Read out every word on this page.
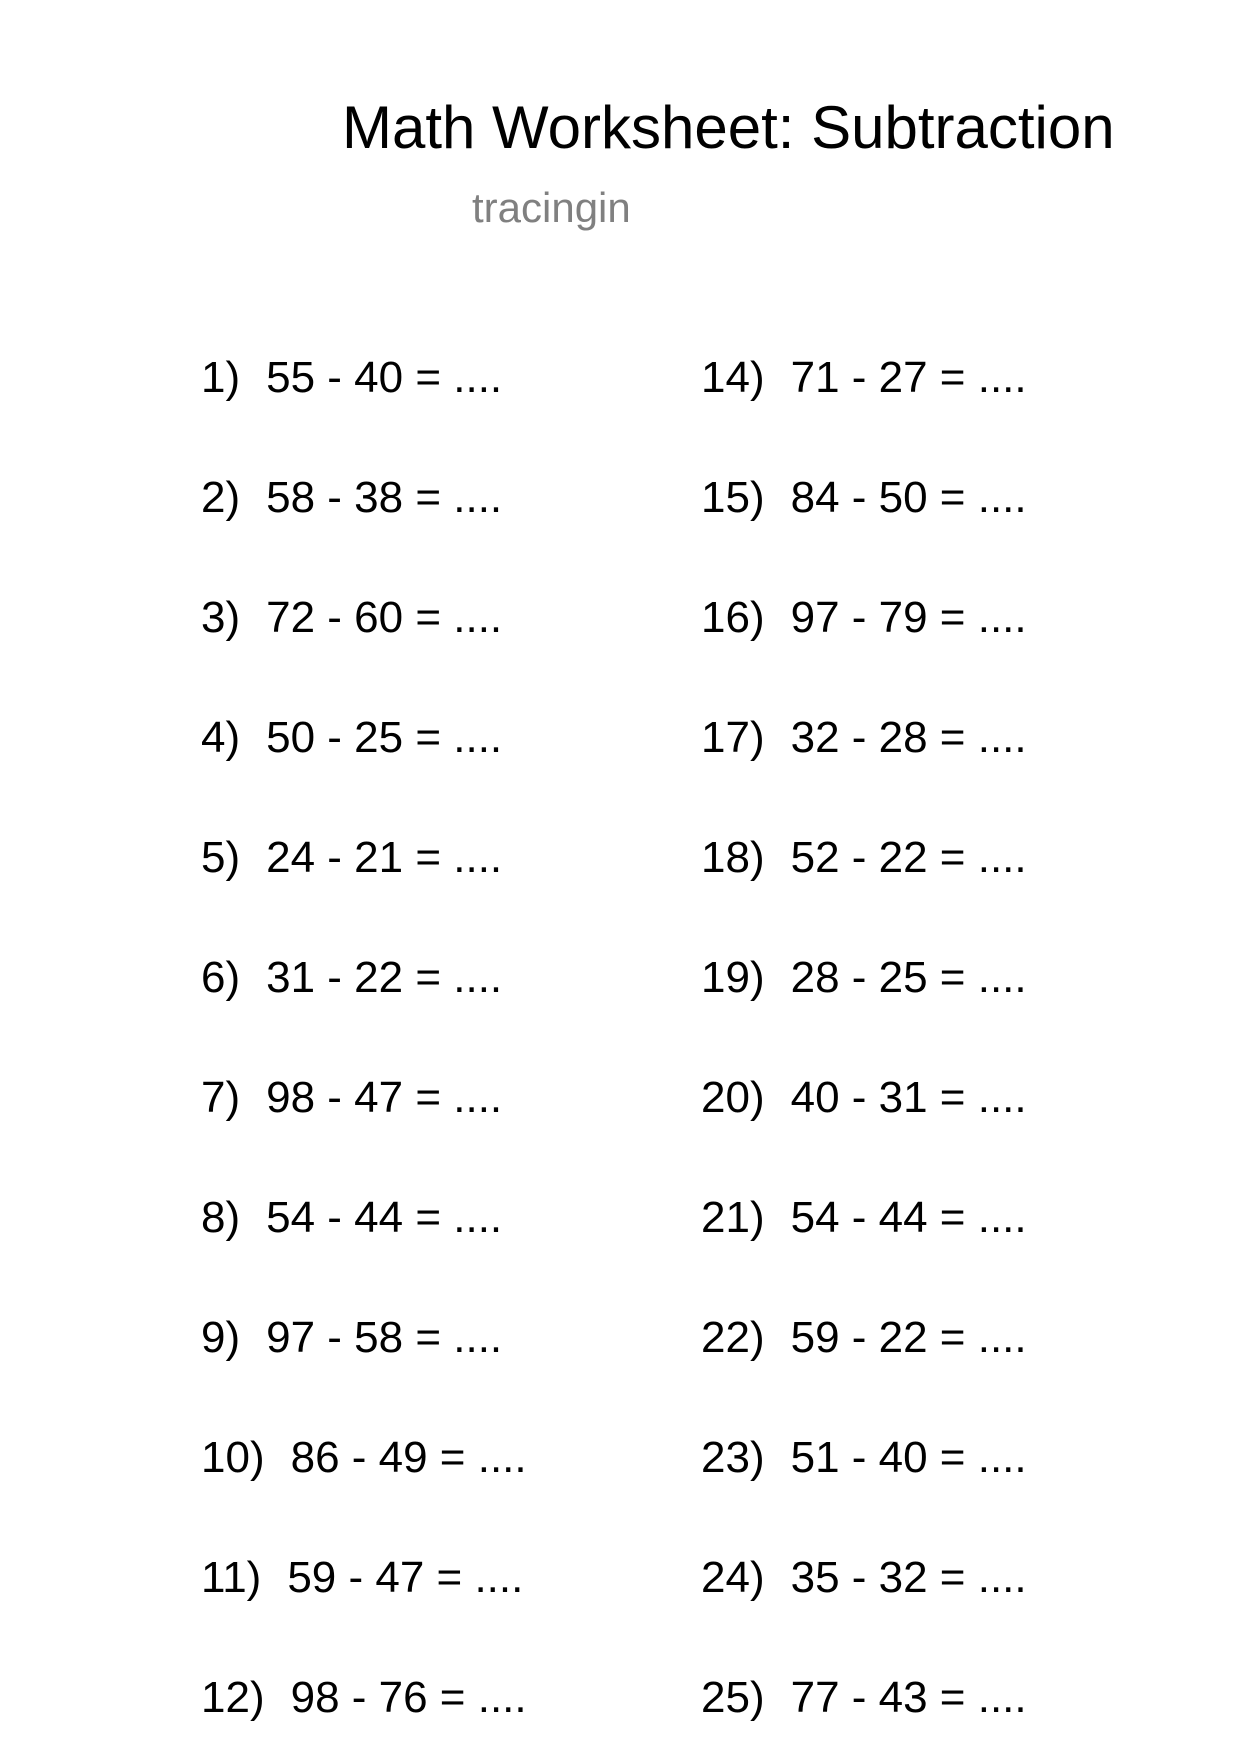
Math Worksheet: Subtraction
tracingin
1) 55 - 40 = ....
2) 58 - 38 = ....
3) 72 - 60 = ....
4) 50 - 25 = ....
5) 24 - 21 = ....
6) 31 - 22 = ....
7) 98 - 47 = ....
8) 54 - 44 = ....
9) 97 - 58 = ....
10) 86 - 49 = ....
11) 59 - 47 = ....
12) 98 - 76 = ....
14) 71 - 27 = ....
15) 84 - 50 = ....
16) 97 - 79 = ....
17) 32 - 28 = ....
18) 52 - 22 = ....
19) 28 - 25 = ....
20) 40 - 31 = ....
21) 54 - 44 = ....
22) 59 - 22 = ....
23) 51 - 40 = ....
24) 35 - 32 = ....
25) 77 - 43 = ....
